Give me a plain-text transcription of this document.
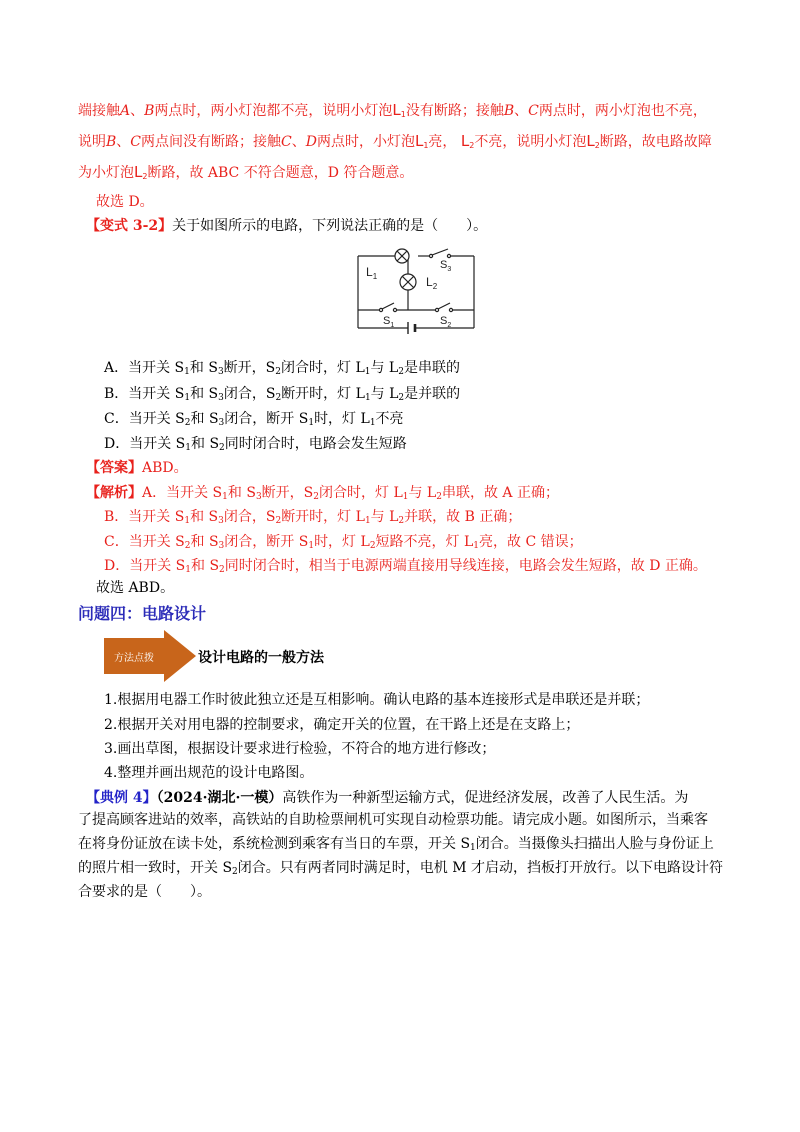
端接触A、B两点时，两小灯泡都不亮，说明小灯泡$L_1$没有断路；接触B、C两点时，两小灯泡也不亮，
说明B、C两点间没有断路；接触C、D两点时，小灯泡$L_1$亮， $L_2$不亮，说明小灯泡$L_2$断路，故电路故障
为小灯泡$L_2$断路，故 ABC 不符合题意，D 符合题意。
故选 D。
【变式 3-2】关于如图所示的电路，下列说法正确的是（　　）。
$L_1$	$L_2$
$S_3$
$S_1$	$S_2$
A．当开关 $S_1$和 $S_3$断开，$S_2$闭合时，灯 $L_1$与 $L_2$是串联的
B．当开关 $S_1$和 $S_3$闭合，$S_2$断开时，灯 $L_1$与 $L_2$是并联的
C．当开关 $S_2$和 $S_3$闭合，断开 $S_1$时，灯 $L_1$不亮
D．当开关 $S_1$和 $S_2$同时闭合时，电路会发生短路
【答案】ABD。
【解析】A．当开关 $S_1$和 $S_3$断开，$S_2$闭合时，灯 $L_1$与 $L_2$串联，故 A 正确；
B．当开关 $S_1$和 $S_3$闭合，$S_2$断开时，灯 $L_1$与 $L_2$并联，故 B 正确；
C．当开关 $S_2$和 $S_3$闭合，断开 $S_1$时，灯 $L_2$短路不亮，灯 $L_1$亮，故 C 错误；
D．当开关 $S_1$和 $S_2$同时闭合时，相当于电源两端直接用导线连接，电路会发生短路，故 D 正确。
故选 ABD。
问题四：电路设计
方法点拨	设计电路的一般方法
1.根据用电器工作时彼此独立还是互相影响。确认电路的基本连接形式是串联还是并联；
2.根据开关对用电器的控制要求，确定开关的位置，在干路上还是在支路上；
3.画出草图，根据设计要求进行检验，不符合的地方进行修改；
4.整理并画出规范的设计电路图。
【典例 4】（2024·湖北·一模）高铁作为一种新型运输方式，促进经济发展，改善了人民生活。为
了提高顾客进站的效率，高铁站的自助检票闸机可实现自动检票功能。请完成小题。如图所示，当乘客
在将身份证放在读卡处，系统检测到乘客有当日的车票，开关 $S_1$闭合。当摄像头扫描出人脸与身份证上
的照片相一致时，开关 $S_2$闭合。只有两者同时满足时，电机 M 才启动，挡板打开放行。以下电路设计符
合要求的是（　　）。
